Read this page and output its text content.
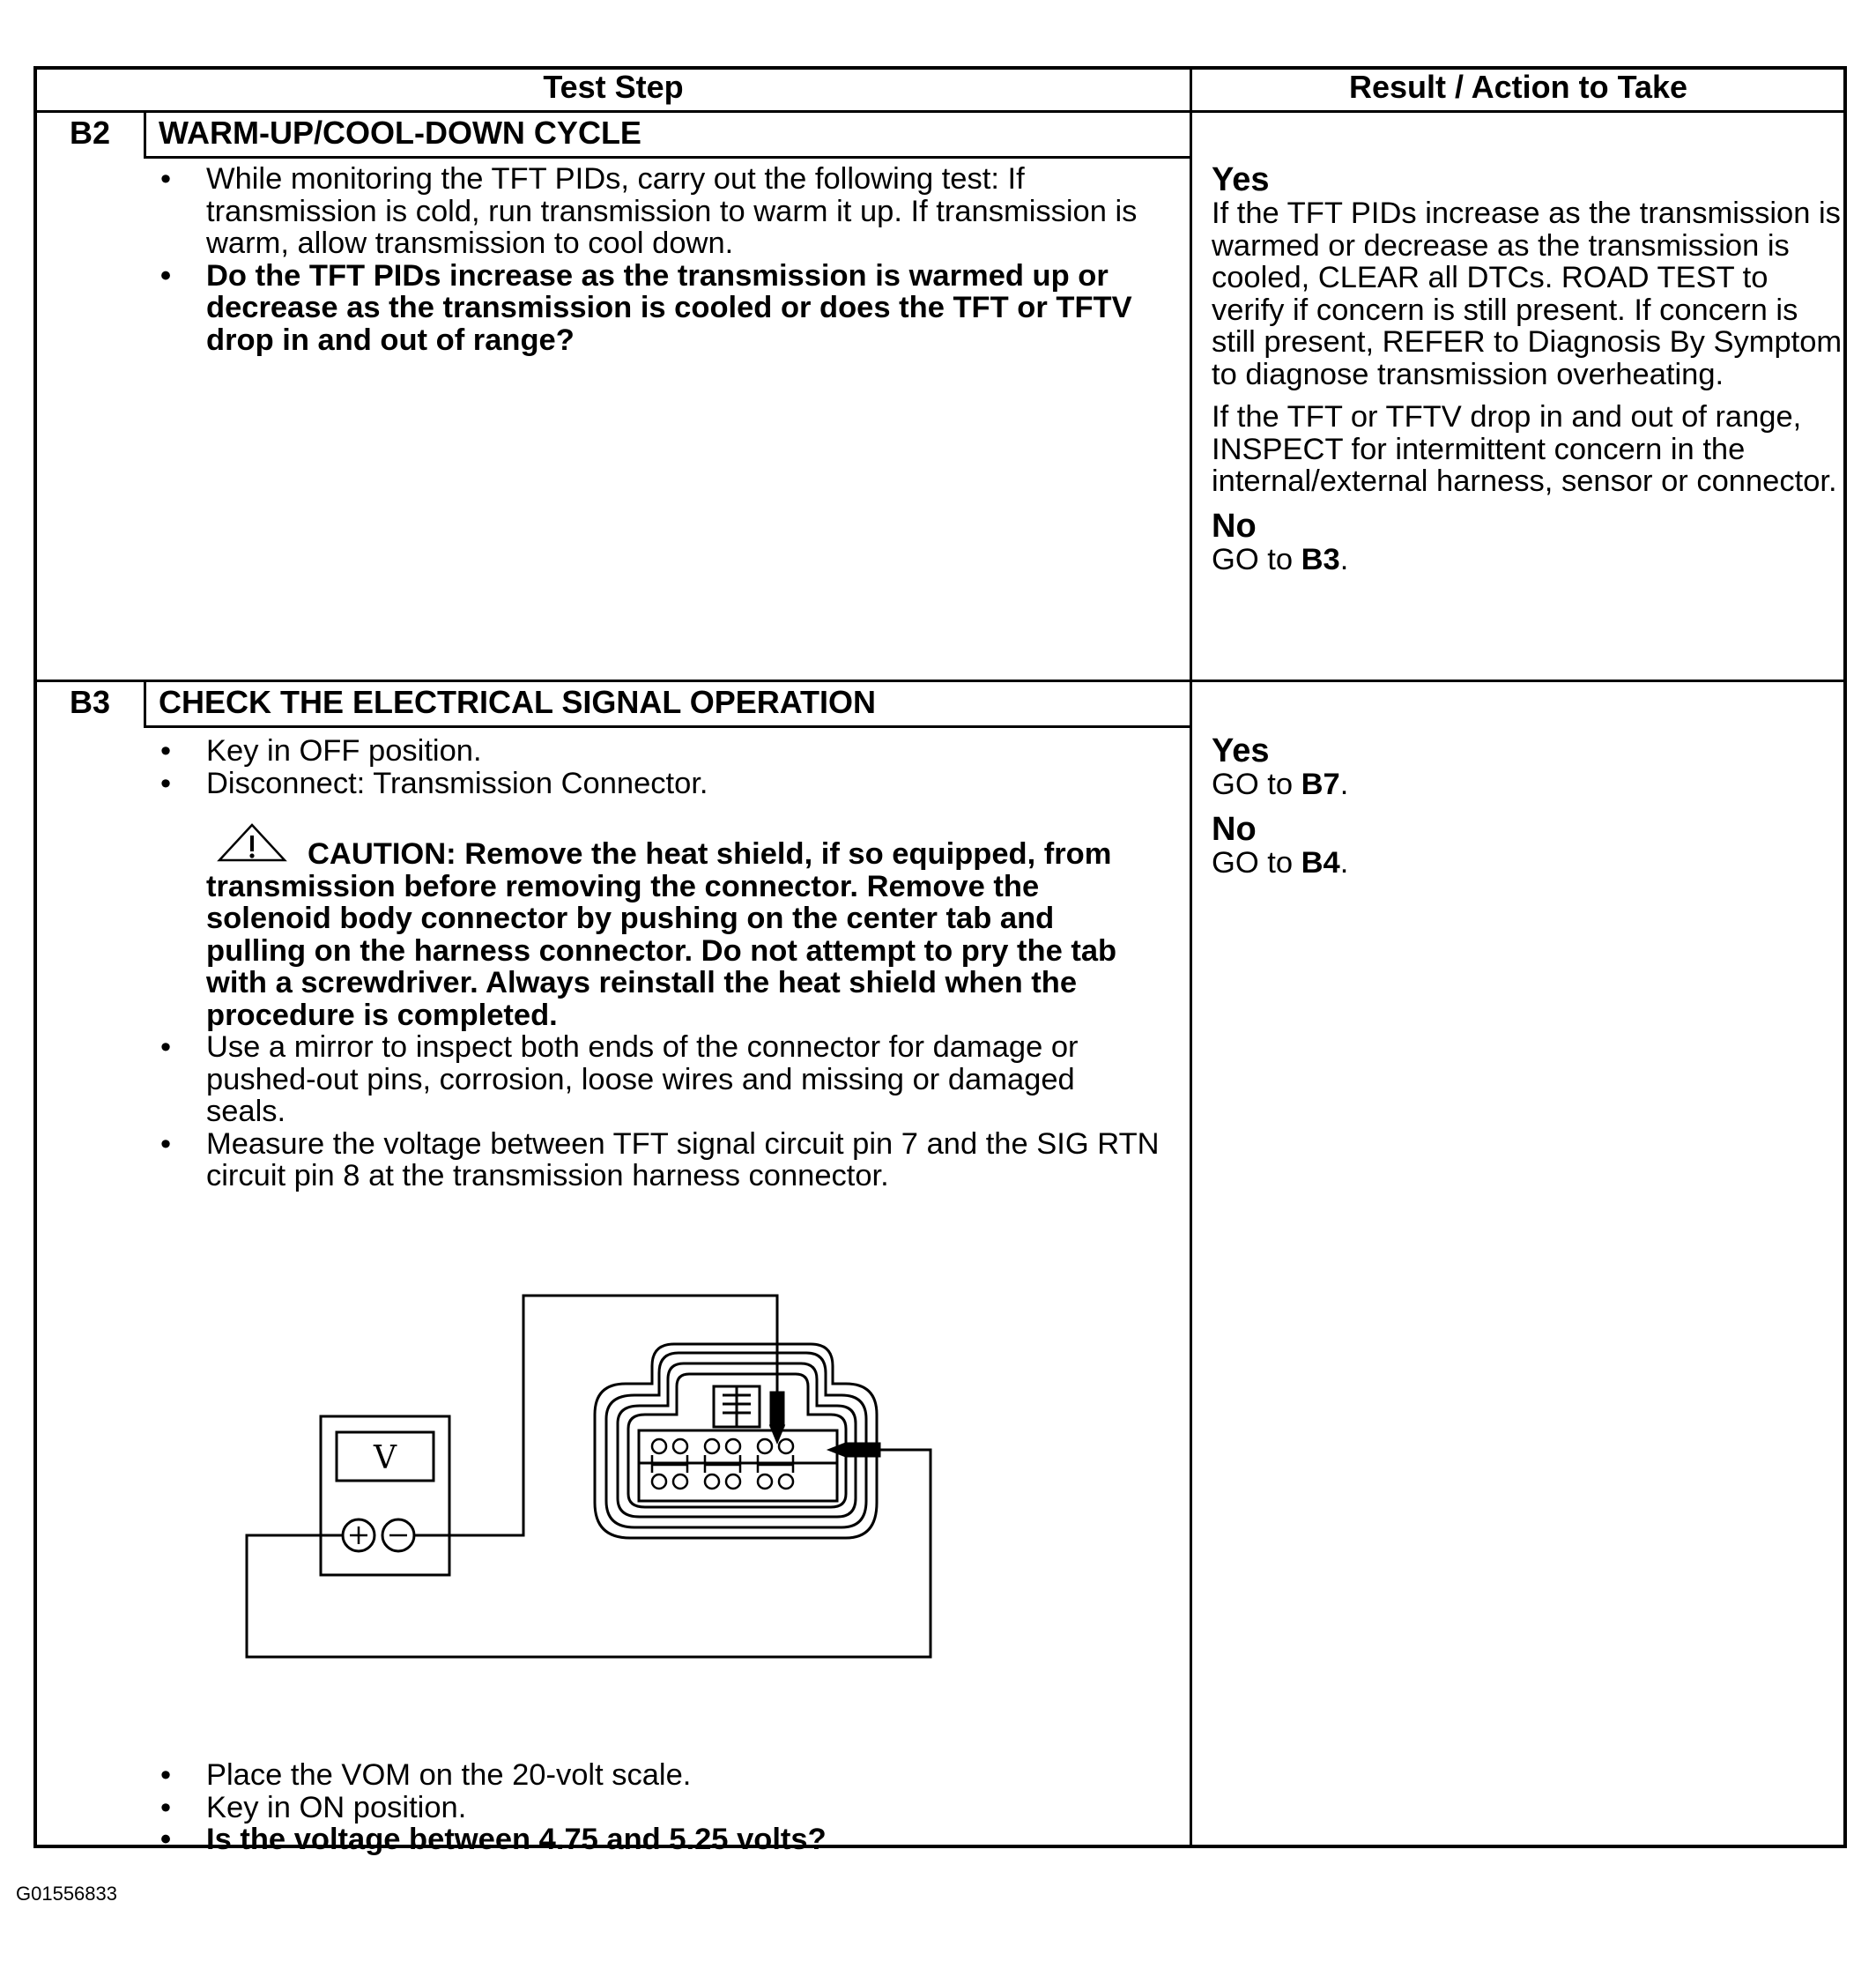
Test Step	Result / Action to Take
B2	WARM-UP/COOL-DOWN CYCLE

• While monitoring the TFT PIDs, carry out the following test: If transmission is cold, run transmission to warm it up. If transmission is warm, allow transmission to cool down.

• Do the TFT PIDs increase as the transmission is warmed up or decrease as the transmission is cooled or does the TFT or TFTV drop in and out of range?

Yes

If the TFT PIDs increase as the transmission is warmed or decrease as the transmission is cooled, CLEAR all DTCs. ROAD TEST to verify if concern is still present. If concern is still present, REFER to Diagnosis By Symptom to diagnose transmission overheating.

If the TFT or TFTV drop in and out of range, INSPECT for intermittent concern in the internal/external harness, sensor or connector.

No

GO to B3.

B3	CHECK THE ELECTRICAL SIGNAL OPERATION

• Key in OFF position.

• Disconnect: Transmission Connector.

CAUTION: Remove the heat shield, if so equipped, from transmission before removing the connector. Remove the solenoid body connector by pushing on the center tab and pulling on the harness connector. Do not attempt to pry the tab with a screwdriver. Always reinstall the heat shield when the procedure is completed.

• Use a mirror to inspect both ends of the connector for damage or pushed-out pins, corrosion, loose wires and missing or damaged seals.

• Measure the voltage between TFT signal circuit pin 7 and the SIG RTN circuit pin 8 at the transmission harness connector.

V

• Place the VOM on the 20-volt scale.

• Key in ON position.

• Is the voltage between 4.75 and 5.25 volts?

Yes

GO to B7.

No

GO to B4.

G01556833
